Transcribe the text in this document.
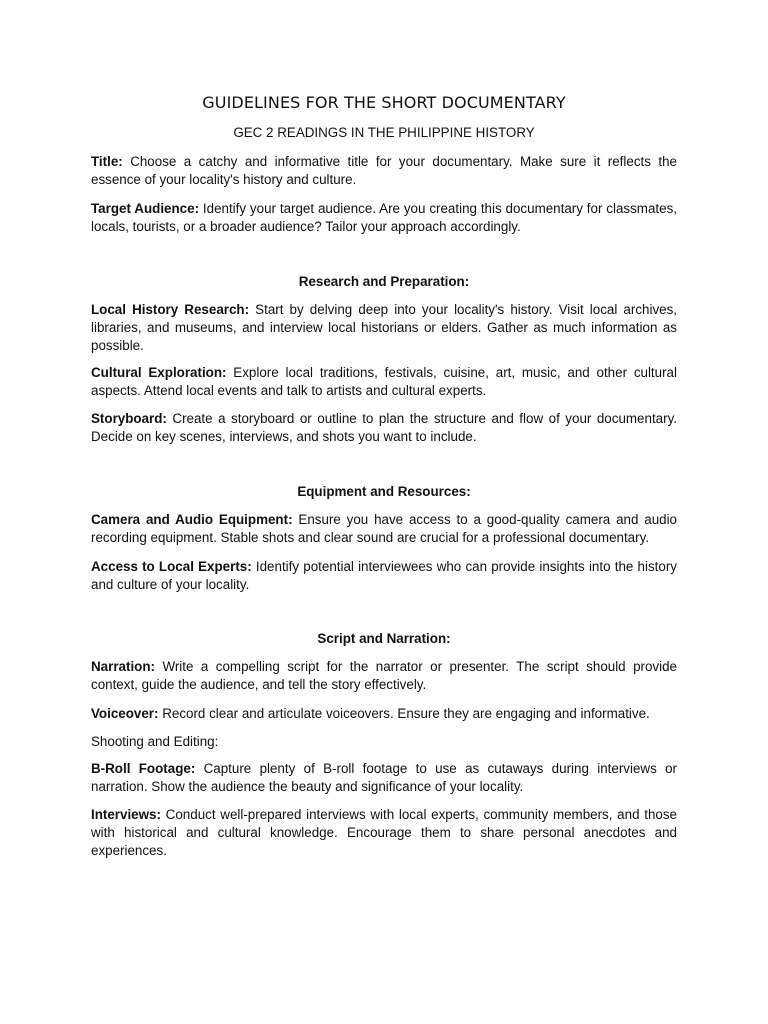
GUIDELINES FOR THE SHORT DOCUMENTARY

GEC 2 READINGS IN THE PHILIPPINE HISTORY

Title: Choose a catchy and informative title for your documentary. Make sure it reflects the essence of your locality's history and culture.

Target Audience: Identify your target audience. Are you creating this documentary for classmates, locals, tourists, or a broader audience? Tailor your approach accordingly.

Research and Preparation:

Local History Research: Start by delving deep into your locality's history. Visit local archives, libraries, and museums, and interview local historians or elders. Gather as much information as possible.

Cultural Exploration: Explore local traditions, festivals, cuisine, art, music, and other cultural aspects. Attend local events and talk to artists and cultural experts.

Storyboard: Create a storyboard or outline to plan the structure and flow of your documentary. Decide on key scenes, interviews, and shots you want to include.

Equipment and Resources:

Camera and Audio Equipment: Ensure you have access to a good-quality camera and audio recording equipment. Stable shots and clear sound are crucial for a professional documentary.

Access to Local Experts: Identify potential interviewees who can provide insights into the history and culture of your locality.

Script and Narration:

Narration: Write a compelling script for the narrator or presenter. The script should provide context, guide the audience, and tell the story effectively.

Voiceover: Record clear and articulate voiceovers. Ensure they are engaging and informative.

Shooting and Editing:

B-Roll Footage: Capture plenty of B-roll footage to use as cutaways during interviews or narration. Show the audience the beauty and significance of your locality.

Interviews: Conduct well-prepared interviews with local experts, community members, and those with historical and cultural knowledge. Encourage them to share personal anecdotes and experiences.
